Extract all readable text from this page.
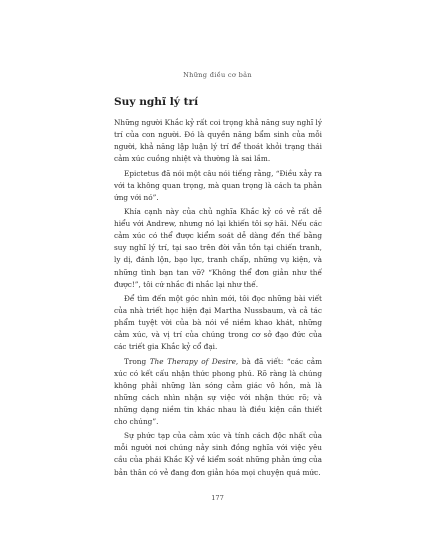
Những điều cơ bản
Suy nghĩ lý trí

Những người Khắc kỷ rất coi trọng khả năng suy nghĩ lý trí của con người. Đó là quyền năng bẩm sinh của mỗi người, khả năng lập luận lý trí để thoát khỏi trạng thái cảm xúc cuồng nhiệt và thường là sai lầm.

Epictetus đã nói một câu nói tiếng rằng, “Điều xảy ra với ta không quan trọng, mà quan trọng là cách ta phản ứng với nó”.

Khía cạnh này của chủ nghĩa Khắc kỷ có vẻ rất dễ hiểu với Andrew, nhưng nó lại khiến tôi sợ hãi. Nếu các cảm xúc có thể được kiểm soát dễ dàng đến thế bằng suy nghĩ lý trí, tại sao trên đời vẫn tồn tại chiến tranh, ly dị, đánh lộn, bạo lực, tranh chấp, những vụ kiện, và những tình bạn tan vỡ? “Không thể đơn giản như thế được!”, tôi cứ nhắc đi nhắc lại như thế.

Để tìm đến một góc nhìn mới, tôi đọc những bài viết của nhà triết học hiện đại Martha Nussbaum, và cả tác phẩm tuyệt vời của bà nói về niềm khao khát, những cảm xúc, và vị trí của chúng trong cơ sở đạo đức của các triết gia Khắc kỷ cổ đại.

Trong The Therapy of Desire, bà đã viết: “các cảm xúc có kết cấu nhận thức phong phú. Rõ ràng là chúng không phải những làn sóng cảm giác vô hồn, mà là những cách nhìn nhận sự việc với nhận thức rõ; và những dạng niềm tin khác nhau là điều kiện cần thiết cho chúng”.

Sự phức tạp của cảm xúc và tính cách độc nhất của mỗi người nơi chúng nảy sinh đồng nghĩa với việc yêu cầu của phái Khắc Kỷ về kiểm soát những phản ứng của bản thân có vẻ đang đơn giản hóa mọi chuyện quá mức.

177
